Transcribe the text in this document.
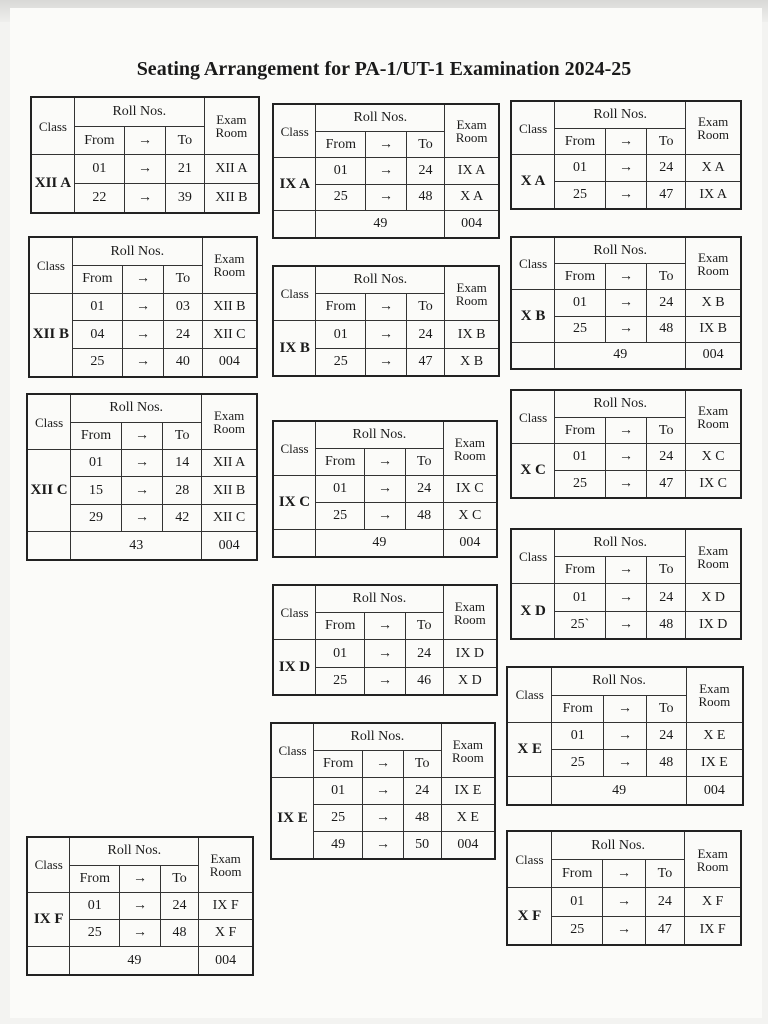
Seating Arrangement for PA-1/UT-1 Examination 2024-25
Class	Roll Nos.			Exam
Room
	From	→	To	
XII A	01	→	21	XII A
	22	→	39	XII B
Class	Roll Nos.			Exam
Room
	From	→	To	
IX A	01	→	24	IX A
	25	→	48	X A
	49			004
Class	Roll Nos.			Exam
Room
	From	→	To	
X A	01	→	24	X A
	25	→	47	IX A
Class	Roll Nos.			Exam
Room
	From	→	To	
XII B	01	→	03	XII B
	04	→	24	XII C
	25	→	40	004
Class	Roll Nos.			Exam
Room
	From	→	To	
IX B	01	→	24	IX B
	25	→	47	X B
Class	Roll Nos.			Exam
Room
	From	→	To	
X B	01	→	24	X B
	25	→	48	IX B
	49			004
Class	Roll Nos.			Exam
Room
	From	→	To	
XII C	01	→	14	XII A
	15	→	28	XII B
	29	→	42	XII C
	43			004
Class	Roll Nos.			Exam
Room
	From	→	To	
IX C	01	→	24	IX C
	25	→	48	X C
	49			004
Class	Roll Nos.			Exam
Room
	From	→	To	
X C	01	→	24	X C
	25	→	47	IX C
Class	Roll Nos.			Exam
Room
	From	→	To	
X D	01	→	24	X D
	25`	→	48	IX D
Class	Roll Nos.			Exam
Room
	From	→	To	
IX D	01	→	24	IX D
	25	→	46	X D
Class	Roll Nos.			Exam
Room
	From	→	To	
X E	01	→	24	X E
	25	→	48	IX E
	49			004
Class	Roll Nos.			Exam
Room
	From	→	To	
IX E	01	→	24	IX E
	25	→	48	X E
	49	→	50	004
Class	Roll Nos.			Exam
Room
	From	→	To	
IX F	01	→	24	IX F
	25	→	48	X F
	49			004
Class	Roll Nos.			Exam
Room
	From	→	To	
X F	01	→	24	X F
	25	→	47	IX F
